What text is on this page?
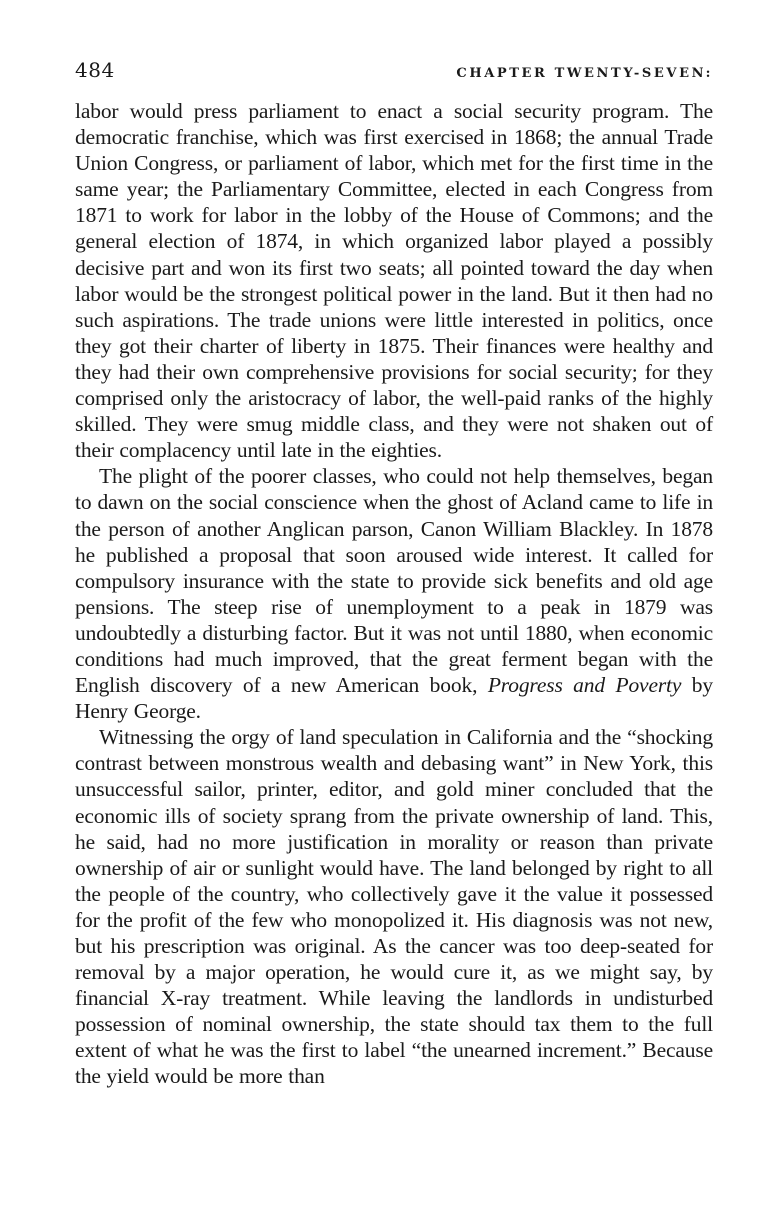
484	CHAPTER TWENTY-SEVEN:

labor would press parliament to enact a social security program. The democratic franchise, which was first exercised in 1868; the annual Trade Union Congress, or parliament of labor, which met for the first time in the same year; the Parliamentary Committee, elected in each Congress from 1871 to work for labor in the lobby of the House of Commons; and the general election of 1874, in which organized labor played a possibly decisive part and won its first two seats; all pointed toward the day when labor would be the strongest political power in the land. But it then had no such aspirations. The trade unions were little interested in politics, once they got their charter of liberty in 1875. Their finances were healthy and they had their own comprehensive provisions for social security; for they comprised only the aristocracy of labor, the well-paid ranks of the highly skilled. They were smug middle class, and they were not shaken out of their complacency until late in the eighties.

The plight of the poorer classes, who could not help themselves, began to dawn on the social conscience when the ghost of Acland came to life in the person of another Anglican parson, Canon William Blackley. In 1878 he published a proposal that soon aroused wide interest. It called for compulsory insurance with the state to provide sick benefits and old age pensions. The steep rise of unemployment to a peak in 1879 was undoubtedly a disturbing factor. But it was not until 1880, when economic conditions had much improved, that the great ferment began with the English discovery of a new American book, Progress and Poverty by Henry George.

Witnessing the orgy of land speculation in California and the “shocking contrast between monstrous wealth and debasing want” in New York, this unsuccessful sailor, printer, editor, and gold miner concluded that the economic ills of society sprang from the private ownership of land. This, he said, had no more justification in morality or reason than private ownership of air or sunlight would have. The land belonged by right to all the people of the country, who collectively gave it the value it possessed for the profit of the few who monopolized it. His diagnosis was not new, but his prescription was original. As the cancer was too deep-seated for removal by a major operation, he would cure it, as we might say, by financial X-ray treatment. While leaving the landlords in undisturbed possession of nominal ownership, the state should tax them to the full extent of what he was the first to label “the unearned increment.” Because the yield would be more than
